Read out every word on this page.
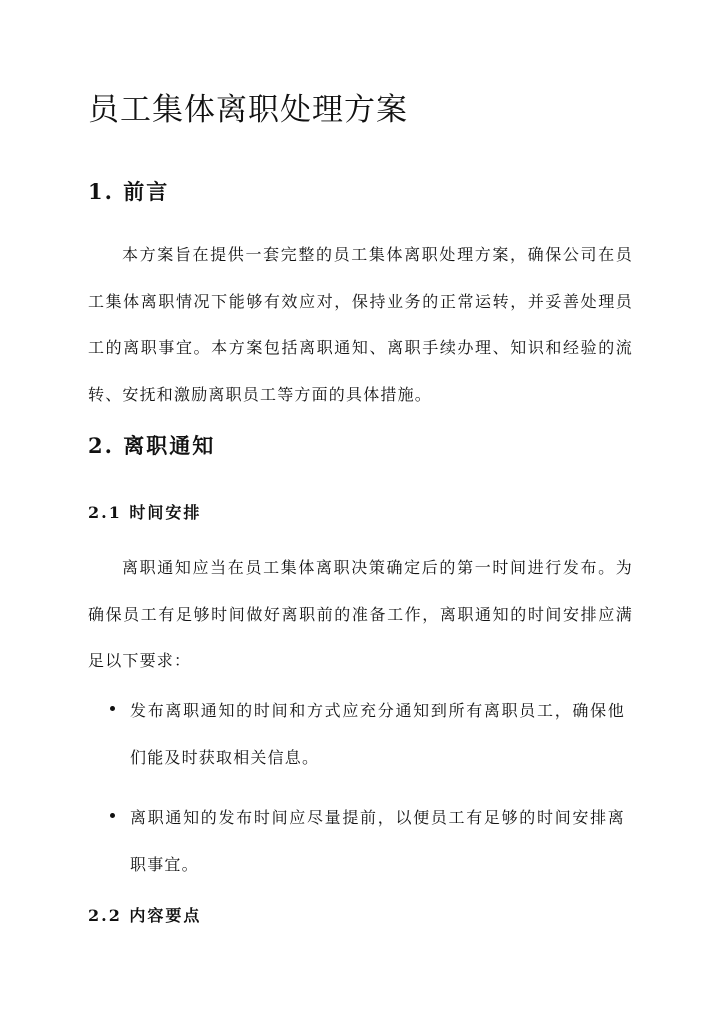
员工集体离职处理方案
1. 前言

本方案旨在提供一套完整的员工集体离职处理方案，确保公司在员工集体离职情况下能够有效应对，保持业务的正常运转，并妥善处理员工的离职事宜。本方案包括离职通知、离职手续办理、知识和经验的流转、安抚和激励离职员工等方面的具体措施。

2. 离职通知
2.1 时间安排

离职通知应当在员工集体离职决策确定后的第一时间进行发布。为确保员工有足够时间做好离职前的准备工作，离职通知的时间安排应满足以下要求：

发布离职通知的时间和方式应充分通知到所有离职员工，确保他们能及时获取相关信息。
离职通知的发布时间应尽量提前，以便员工有足够的时间安排离职事宜。
2.2 内容要点
